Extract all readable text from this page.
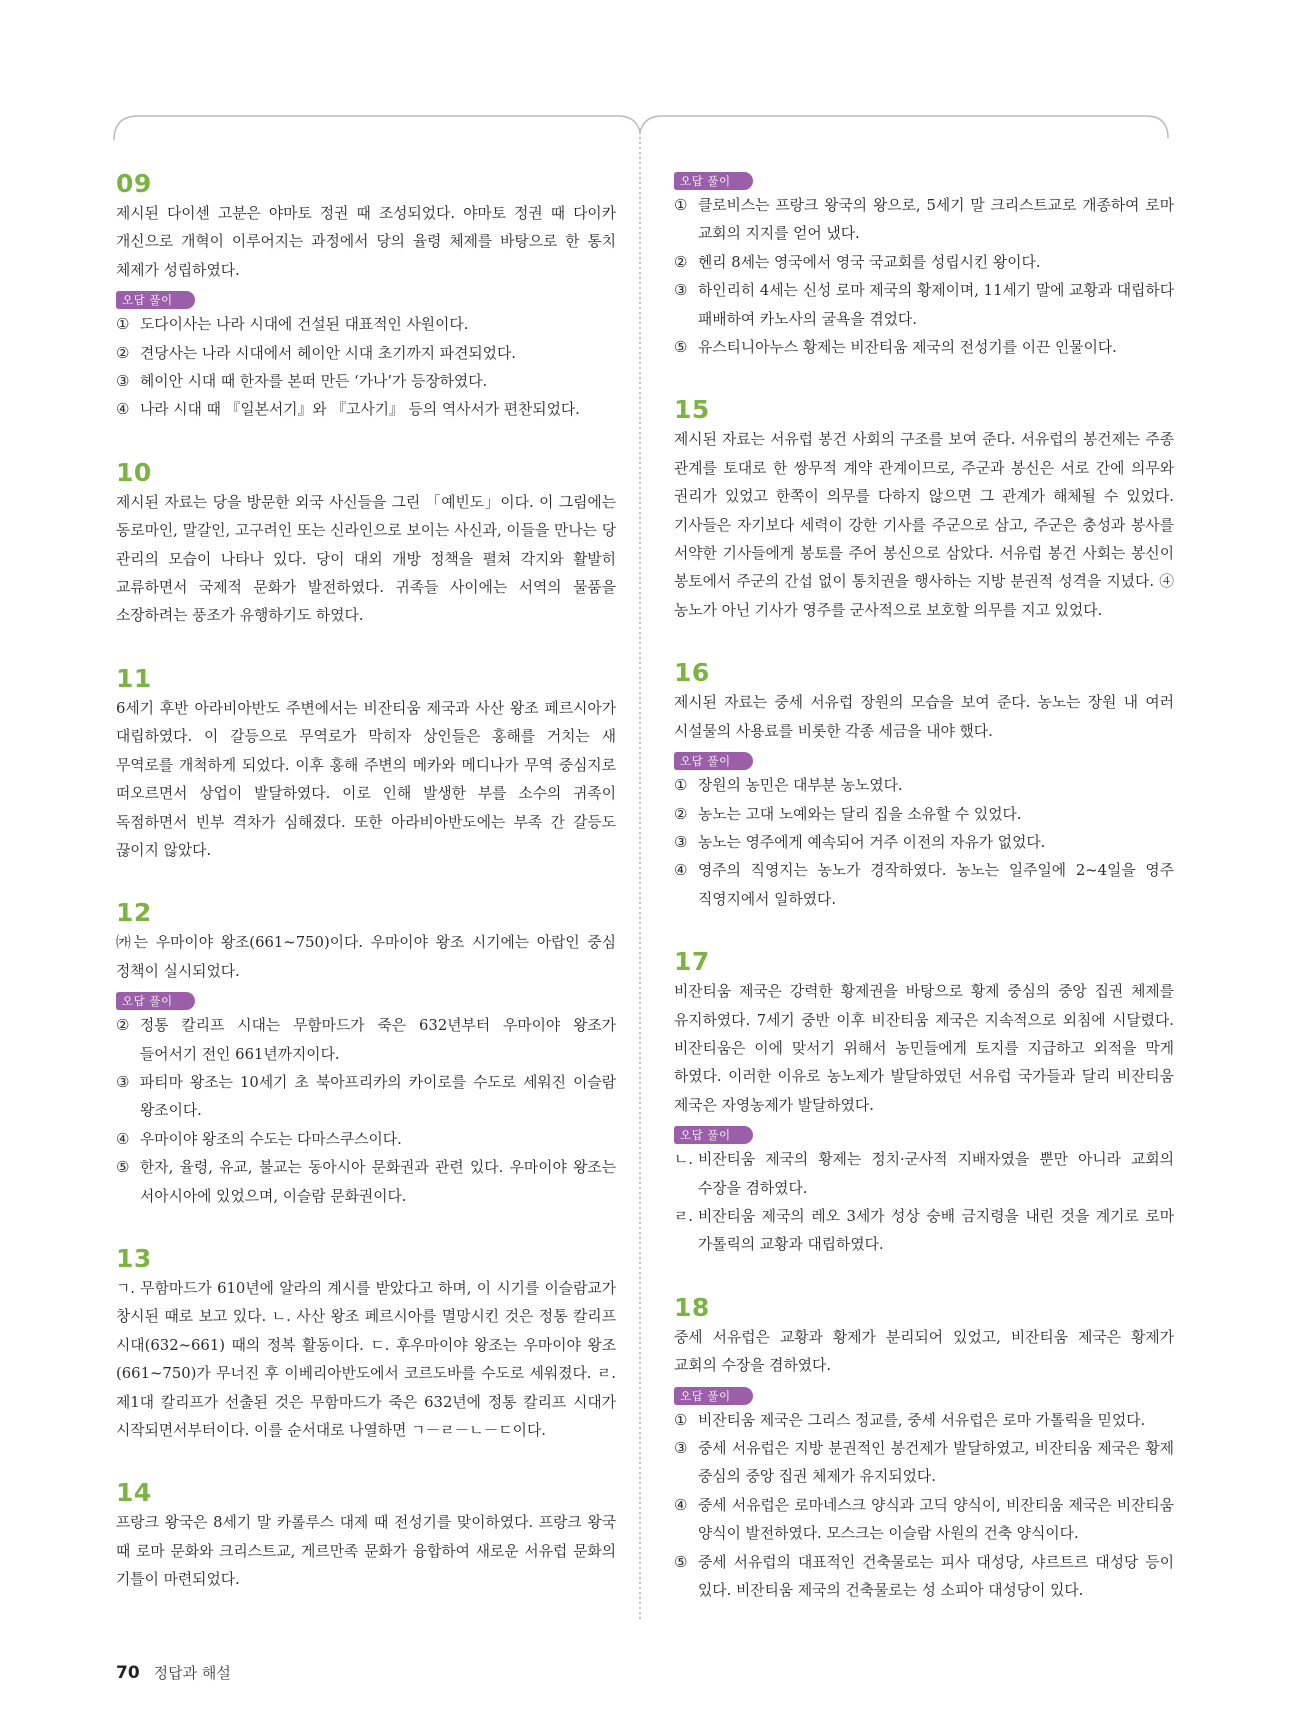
09

제시된 다이센 고분은 야마토 정권 때 조성되었다. 야마토 정권 때 다이카 개신으로 개혁이 이루어지는 과정에서 당의 율령 체제를 바탕으로 한 통치 체제가 성립하였다.

오답 풀이
① 도다이사는 나라 시대에 건설된 대표적인 사원이다.
② 견당사는 나라 시대에서 헤이안 시대 초기까지 파견되었다.
③ 헤이안 시대 때 한자를 본떠 만든 ‘가나’가 등장하였다.
④ 나라 시대 때 『일본서기』와 『고사기』 등의 역사서가 편찬되었다.
10

제시된 자료는 당을 방문한 외국 사신들을 그린 「예빈도」이다. 이 그림에는 동로마인, 말갈인, 고구려인 또는 신라인으로 보이는 사신과, 이들을 만나는 당 관리의 모습이 나타나 있다. 당이 대외 개방 정책을 펼쳐 각지와 활발히 교류하면서 국제적 문화가 발전하였다. 귀족들 사이에는 서역의 물품을 소장하려는 풍조가 유행하기도 하였다.

11

6세기 후반 아라비아반도 주변에서는 비잔티움 제국과 사산 왕조 페르시아가 대립하였다. 이 갈등으로 무역로가 막히자 상인들은 홍해를 거치는 새 무역로를 개척하게 되었다. 이후 홍해 주변의 메카와 메디나가 무역 중심지로 떠오르면서 상업이 발달하였다. 이로 인해 발생한 부를 소수의 귀족이 독점하면서 빈부 격차가 심해졌다. 또한 아라비아반도에는 부족 간 갈등도 끊이지 않았다.

12

㈎는 우마이야 왕조(661~750)이다. 우마이야 왕조 시기에는 아랍인 중심 정책이 실시되었다.

오답 풀이
② 정통 칼리프 시대는 무함마드가 죽은 632년부터 우마이야 왕조가 들어서기 전인 661년까지이다.
③ 파티마 왕조는 10세기 초 북아프리카의 카이로를 수도로 세워진 이슬람 왕조이다.
④ 우마이야 왕조의 수도는 다마스쿠스이다.
⑤ 한자, 율령, 유교, 불교는 동아시아 문화권과 관련 있다. 우마이야 왕조는 서아시아에 있었으며, 이슬람 문화권이다.
13

ㄱ. 무함마드가 610년에 알라의 계시를 받았다고 하며, 이 시기를 이슬람교가 창시된 때로 보고 있다. ㄴ. 사산 왕조 페르시아를 멸망시킨 것은 정통 칼리프 시대(632~661) 때의 정복 활동이다. ㄷ. 후우마이야 왕조는 우마이야 왕조(661~750)가 무너진 후 이베리아반도에서 코르도바를 수도로 세워졌다. ㄹ. 제1대 칼리프가 선출된 것은 무함마드가 죽은 632년에 정통 칼리프 시대가 시작되면서부터이다. 이를 순서대로 나열하면 ㄱ－ㄹ－ㄴ－ㄷ이다.

14

프랑크 왕국은 8세기 말 카롤루스 대제 때 전성기를 맞이하였다. 프랑크 왕국 때 로마 문화와 크리스트교, 게르만족 문화가 융합하여 새로운 서유럽 문화의 기틀이 마련되었다.

오답 풀이
① 클로비스는 프랑크 왕국의 왕으로, 5세기 말 크리스트교로 개종하여 로마 교회의 지지를 얻어 냈다.
② 헨리 8세는 영국에서 영국 국교회를 성립시킨 왕이다.
③ 하인리히 4세는 신성 로마 제국의 황제이며, 11세기 말에 교황과 대립하다 패배하여 카노사의 굴욕을 겪었다.
⑤ 유스티니아누스 황제는 비잔티움 제국의 전성기를 이끈 인물이다.
15

제시된 자료는 서유럽 봉건 사회의 구조를 보여 준다. 서유럽의 봉건제는 주종 관계를 토대로 한 쌍무적 계약 관계이므로, 주군과 봉신은 서로 간에 의무와 권리가 있었고 한쪽이 의무를 다하지 않으면 그 관계가 해체될 수 있었다. 기사들은 자기보다 세력이 강한 기사를 주군으로 삼고, 주군은 충성과 봉사를 서약한 기사들에게 봉토를 주어 봉신으로 삼았다. 서유럽 봉건 사회는 봉신이 봉토에서 주군의 간섭 없이 통치권을 행사하는 지방 분권적 성격을 지녔다. ④ 농노가 아닌 기사가 영주를 군사적으로 보호할 의무를 지고 있었다.

16

제시된 자료는 중세 서유럽 장원의 모습을 보여 준다. 농노는 장원 내 여러 시설물의 사용료를 비롯한 각종 세금을 내야 했다.

오답 풀이
① 장원의 농민은 대부분 농노였다.
② 농노는 고대 노예와는 달리 집을 소유할 수 있었다.
③ 농노는 영주에게 예속되어 거주 이전의 자유가 없었다.
④ 영주의 직영지는 농노가 경작하였다. 농노는 일주일에 2~4일을 영주 직영지에서 일하였다.
17

비잔티움 제국은 강력한 황제권을 바탕으로 황제 중심의 중앙 집권 체제를 유지하였다. 7세기 중반 이후 비잔티움 제국은 지속적으로 외침에 시달렸다. 비잔티움은 이에 맞서기 위해서 농민들에게 토지를 지급하고 외적을 막게 하였다. 이러한 이유로 농노제가 발달하였던 서유럽 국가들과 달리 비잔티움 제국은 자영농제가 발달하였다.

오답 풀이
ㄴ. 비잔티움 제국의 황제는 정치·군사적 지배자였을 뿐만 아니라 교회의 수장을 겸하였다.
ㄹ. 비잔티움 제국의 레오 3세가 성상 숭배 금지령을 내린 것을 계기로 로마 가톨릭의 교황과 대립하였다.
18

중세 서유럽은 교황과 황제가 분리되어 있었고, 비잔티움 제국은 황제가 교회의 수장을 겸하였다.

오답 풀이
① 비잔티움 제국은 그리스 정교를, 중세 서유럽은 로마 가톨릭을 믿었다.
③ 중세 서유럽은 지방 분권적인 봉건제가 발달하였고, 비잔티움 제국은 황제 중심의 중앙 집권 체제가 유지되었다.
④ 중세 서유럽은 로마네스크 양식과 고딕 양식이, 비잔티움 제국은 비잔티움 양식이 발전하였다. 모스크는 이슬람 사원의 건축 양식이다.
⑤ 중세 서유럽의 대표적인 건축물로는 피사 대성당, 샤르트르 대성당 등이 있다. 비잔티움 제국의 건축물로는 성 소피아 대성당이 있다.
70 정답과 해설
